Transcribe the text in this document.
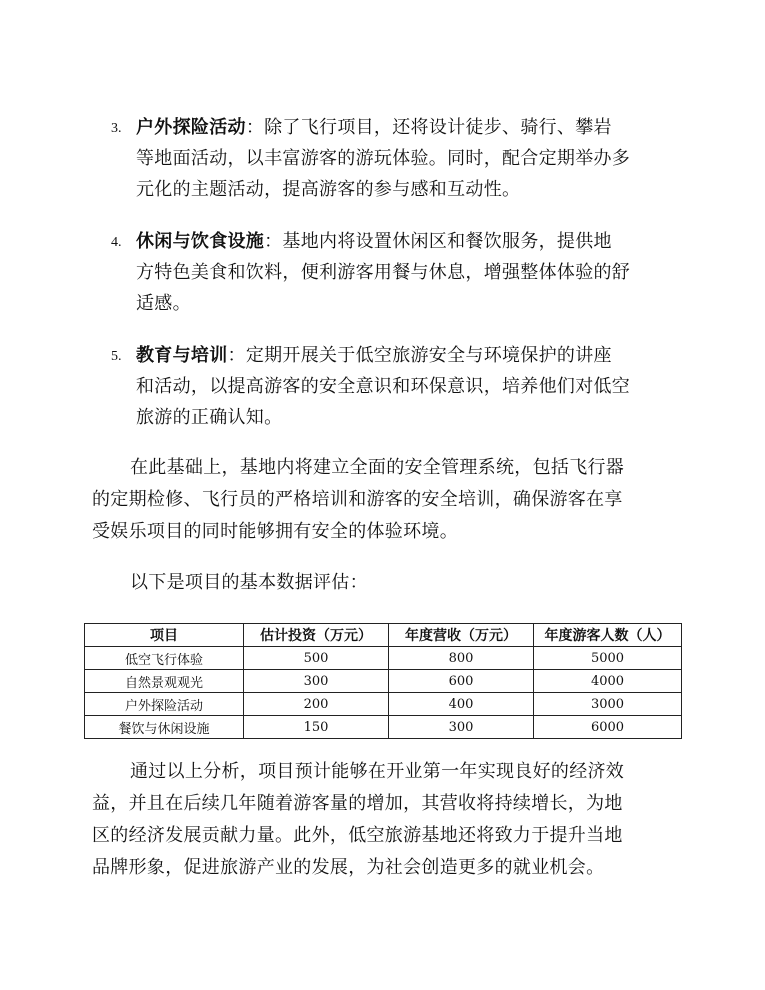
3. 户外探险活动：除了飞行项目，还将设计徒步、骑行、攀岩
等地面活动，以丰富游客的游玩体验。同时，配合定期举办多
元化的主题活动，提高游客的参与感和互动性。
4. 休闲与饮食设施：基地内将设置休闲区和餐饮服务，提供地
方特色美食和饮料，便利游客用餐与休息，增强整体体验的舒
适感。
5. 教育与培训：定期开展关于低空旅游安全与环境保护的讲座
和活动，以提高游客的安全意识和环保意识，培养他们对低空
旅游的正确认知。
在此基础上，基地内将建立全面的安全管理系统，包括飞行器
的定期检修、飞行员的严格培训和游客的安全培训，确保游客在享
受娱乐项目的同时能够拥有安全的体验环境。
以下是项目的基本数据评估：
项目	估计投资（万元）	年度营收（万元）	年度游客人数（人）
低空飞行体验	500	800	5000
自然景观观光	300	600	4000
户外探险活动	200	400	3000
餐饮与休闲设施	150	300	6000
通过以上分析，项目预计能够在开业第一年实现良好的经济效
益，并且在后续几年随着游客量的增加，其营收将持续增长，为地
区的经济发展贡献力量。此外，低空旅游基地还将致力于提升当地
品牌形象，促进旅游产业的发展，为社会创造更多的就业机会。
